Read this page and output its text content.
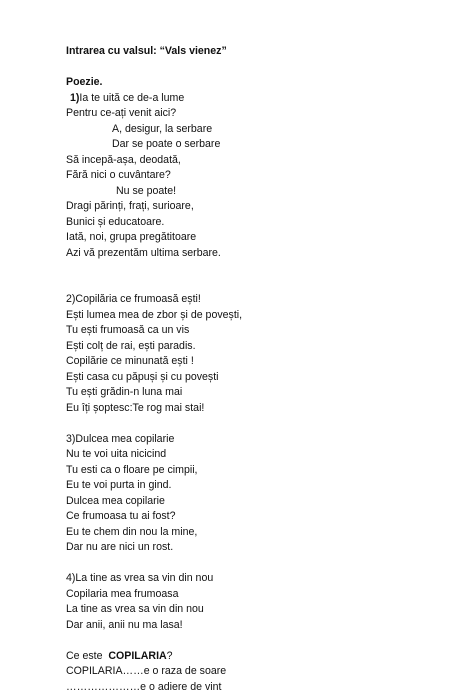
Intrarea cu valsul: “Vals vienez”
Poezie.
1)Ia te uită ce de-a lume
Pentru ce-ați venit aici?
A, desigur, la serbare
Dar se poate o serbare
Să incepă-așa, deodată,
Fără nici o cuvântare?
Nu se poate!
Dragi părinți, frați, surioare,
Bunici și educatoare.
Iată, noi, grupa pregătitoare
Azi vă prezentăm ultima serbare.
2)Copilăria ce frumoasă ești!
Ești lumea mea de zbor și de povești,
Tu ești frumoasă ca un vis
Ești colț de rai, ești paradis.
Copilărie ce minunată ești !
Ești casa cu păpuși și cu povești
Tu ești grădin-n luna mai
Eu îți șoptesc:Te rog mai stai!
3)Dulcea mea copilarie
Nu te voi uita nicicind
Tu esti ca o floare pe cimpii,
Eu te voi purta in gind.
Dulcea mea copilarie
Ce frumoasa tu ai fost?
Eu te chem din nou la mine,
Dar nu are nici un rost.
4)La tine as vrea sa vin din nou
Copilaria mea frumoasa
La tine as vrea sa vin din nou
Dar anii, anii nu ma lasa!
Ce este  COPILARIA?
COPILARIA……e o raza de soare
…………………e o adiere de vint
